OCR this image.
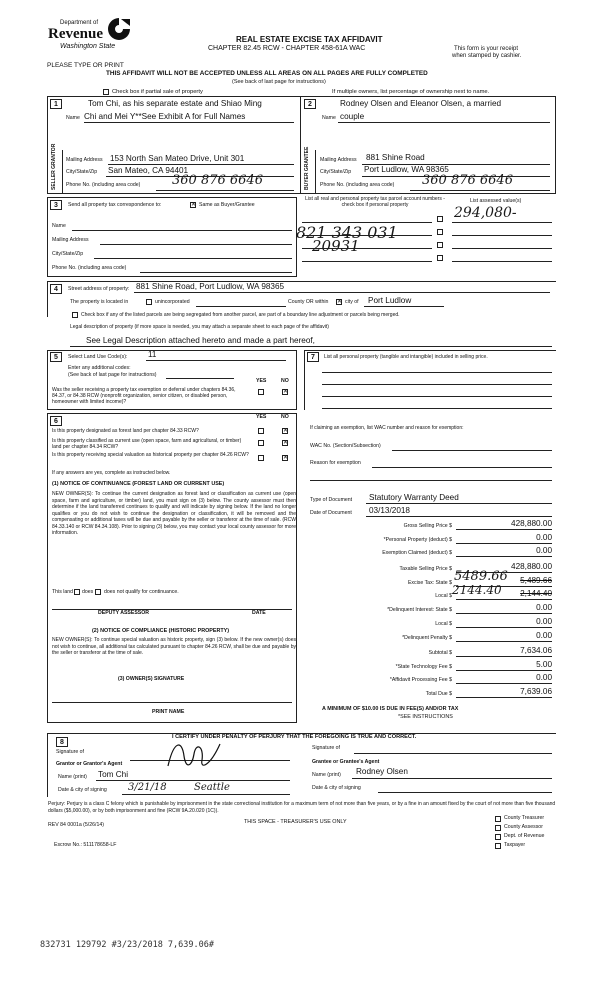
Department of
Revenue
Washington State
PLEASE TYPE OR PRINT
REAL ESTATE EXCISE TAX AFFIDAVIT
CHAPTER 82.45 RCW - CHAPTER 458-61A WAC	This form is your receipt
when stamped by cashier.
THIS AFFIDAVIT WILL NOT BE ACCEPTED UNLESS ALL AREAS ON ALL PAGES ARE FULLY COMPLETED
(See back of last page for instructions)
Check box if partial sale of property	If multiple owners, list percentage of ownership next to name.
1
SELLER GRANTOR
Tom Chi, as his separate estate and Shiao Ming
Name Chi and Mei Y**See Exhibit A for Full Names
Mailing Address 153 North San Mateo Drive, Unit 301
City/State/Zip San Mateo, CA 94401
Phone No. (including area code) 360 876 6646
2
BUYER GRANTEE
Rodney Olsen and Eleanor Olsen, a married
Name couple
Mailing Address 881 Shine Road
City/State/Zip Port Ludlow, WA 98365
Phone No. (including area code) 360 876 6646
3	Send all property tax correspondence to: ✕	Same as Buyer/Grantee
Name
Mailing Address
City/State/Zip
Phone No. (including area code)
List all real and personal property tax parcel account numbers - check box if personal property
List assessed value(s)
821 343 031
20931
294,080-
4	Street address of property: 881 Shine Road, Port Ludlow, WA 98365
The property is located in	unincorporated	County OR within ✕	city of Port Ludlow
Check box if any of the listed parcels are being segregated from another parcel, are part of a boundary line adjustment or parcels being merged.
Legal description of property (if more space is needed, you may attach a separate sheet to each page of the affidavit)
See Legal Description attached hereto and made a part hereof,
5	Select Land Use Code(s):	11
Enter any additional codes:
(See back of last page for instructions)
YES	NO
Was the seller receiving a property tax exemption or deferral under chapters 84.36, 84.37, or 84.38 RCW (nonprofit organization, senior citizen, or disabled person, homeowner with limited income)?
✕
6
YES	NO
Is this property designated as forest land per chapter 84.33 RCW?
✕
Is this property classified as current use (open space, farm and agricultural, or timber) land per chapter 84.34 RCW?
✕
Is this property receiving special valuation as historical property per chapter 84.26 RCW?
✕
If any answers are yes, complete as instructed below.
(1) NOTICE OF CONTINUANCE (FOREST LAND OR CURRENT USE)
NEW OWNER(S): To continue the current designation as forest land or classification as current use (open space, farm and agriculture, or timber) land, you must sign on (3) below. The county assessor must then determine if the land transferred continues to qualify and will indicate by signing below. If the land no longer qualifies or you do not wish to continue the designation or classification, it will be removed and the compensating or additional taxes will be due and payable by the seller or transferor at the time of sale. (RCW 84.33.140 or RCW 84.34.108). Prior to signing (3) below, you may contact your local county assessor for more information.
This land does does not qualify for continuance.
DEPUTY ASSESSOR	DATE
(2) NOTICE OF COMPLIANCE (HISTORIC PROPERTY)
NEW OWNER(S): To continue special valuation as historic property, sign (3) below. If the new owner(s) does not wish to continue, all additional tax calculated pursuant to chapter 84.26 RCW, shall be due and payable by the seller or transferor at the time of sale.
(3) OWNER(S) SIGNATURE
PRINT NAME
7	List all personal property (tangible and intangible) included in selling price.
If claiming an exemption, list WAC number and reason for exemption:
WAC No. (Section/Subsection)
Reason for exemption
Type of Document Statutory Warranty Deed
Date of Document 03/13/2018
Gross Selling Price $	428,880.00
*Personal Property (deduct) $	0.00
Exemption Claimed (deduct) $	0.00
Taxable Selling Price $	428,880.00
Excise Tax: State $	5,489.66
5489.66
Local $	2,144.40
2144.40
*Delinquent Interest: State $	0.00
Local $	0.00
*Delinquent Penalty $	0.00
Subtotal $	7,634.06
*State Technology Fee $	5.00
*Affidavit Processing Fee $	0.00
Total Due $	7,639.06
A MINIMUM OF $10.00 IS DUE IN FEE(S) AND/OR TAX
*SEE INSTRUCTIONS
8
I CERTIFY UNDER PENALTY OF PERJURY THAT THE FOREGOING IS TRUE AND CORRECT.
Signature of
Grantor or Grantor's Agent
Name (print) Tom Chi
Date & city of signing 3/21/18	Seattle
Signature of
Grantee or Grantee's Agent
Name (print) Rodney Olsen
Date & city of signing
Perjury: Perjury is a class C felony which is punishable by imprisonment in the state correctional institution for a maximum term of not more than five years, or by a fine in an amount fixed by the court of not more than five thousand dollars ($5,000.00), or by both imprisonment and fine (RCW 9A.20.020 (1C)).
REV 84 0001a (5/26/14)	THIS SPACE - TREASURER'S USE ONLY
Escrow No.: 511178658-LF
County Treasurer
County Assessor
Dept. of Revenue
Taxpayer
832731 129792 #3/23/2018 7,639.06#
